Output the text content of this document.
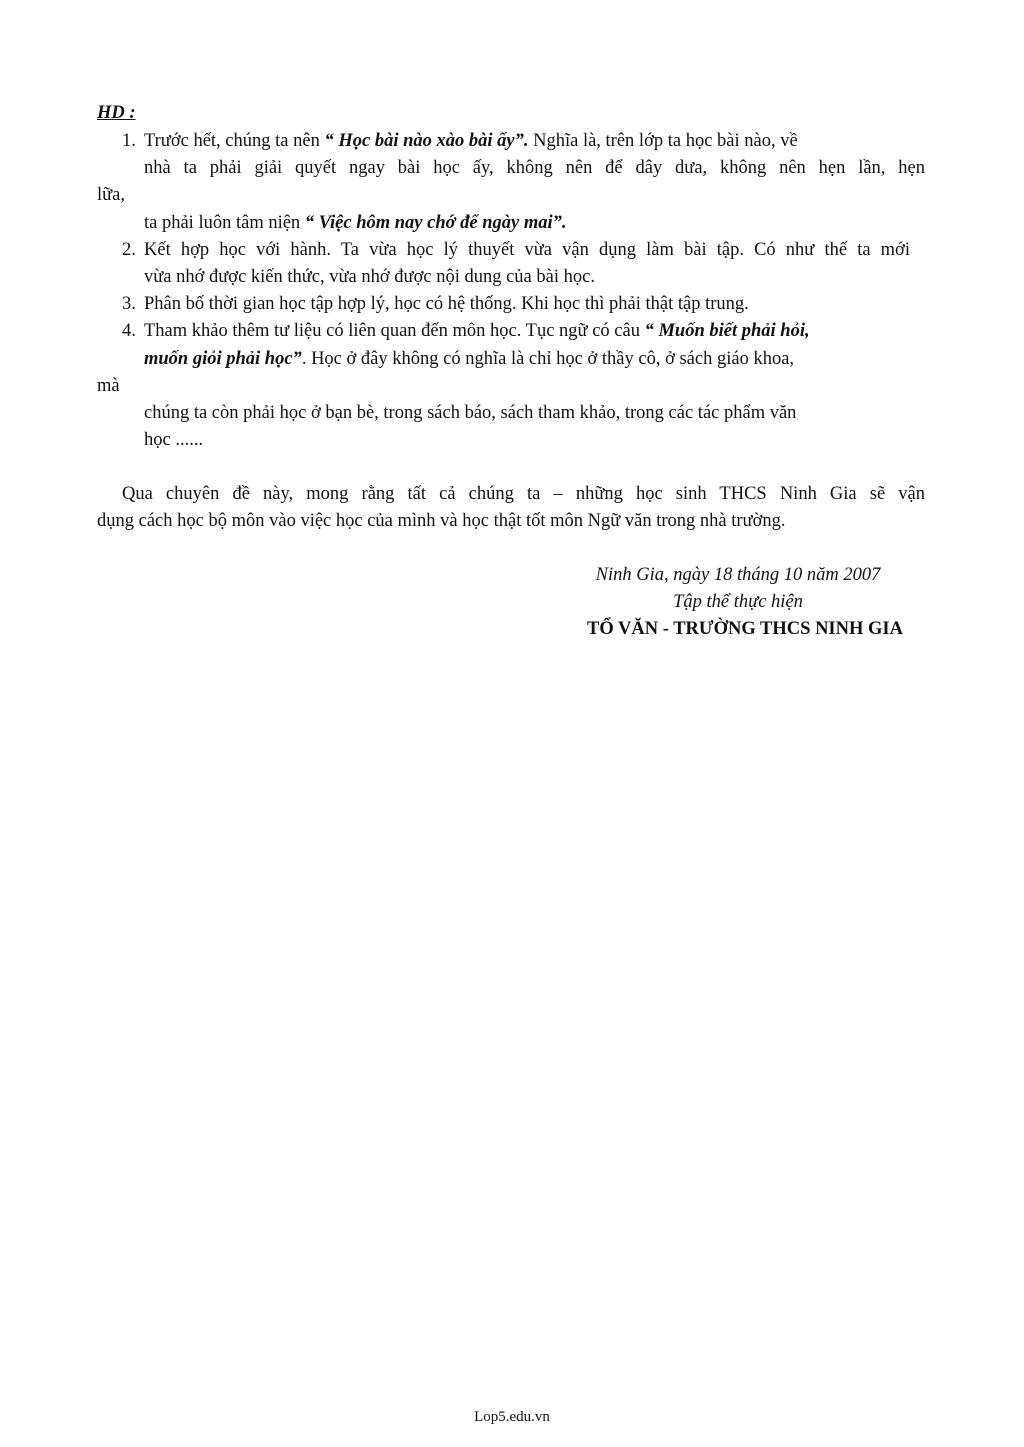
HD :
1. Trước hết, chúng ta nên “ Học bài nào xào bài ấy”. Nghĩa là, trên lớp ta học bài nào, về
nhà ta phải giải quyết ngay bài học ấy, không nên để dây dưa, không nên hẹn lần, hẹn
lữa,
ta phải luôn tâm niện “ Việc hôm nay chớ để ngày mai”.
2. Kết hợp học với hành. Ta vừa học lý thuyết vừa vận dụng làm bài tập. Có như thế ta mới
vừa nhớ được kiến thức, vừa nhớ được nội dung của bài học.
3. Phân bố thời gian học tập hợp lý, học có hệ thống. Khi học thì phải thật tập trung.
4. Tham khảo thêm tư liệu có liên quan đến môn học. Tục ngữ có câu “ Muốn biết phải hỏi,
muốn giỏi phải học”. Học ở đây không có nghĩa là chỉ học ở thầy cô, ở sách giáo khoa,
mà
chúng ta còn phải học ở bạn bè, trong sách báo, sách tham khảo, trong các tác phẩm văn
học ......
Qua chuyên đề này, mong rằng tất cả chúng ta – những học sinh THCS Ninh Gia sẽ vận
dụng cách học bộ môn vào việc học của mình và học thật tốt môn Ngữ văn trong nhà trường.
Ninh Gia, ngày 18 tháng 10 năm 2007
Tập thể thực hiện
TỔ VĂN - TRƯỜNG THCS NINH GIA
Lop5.edu.vn
